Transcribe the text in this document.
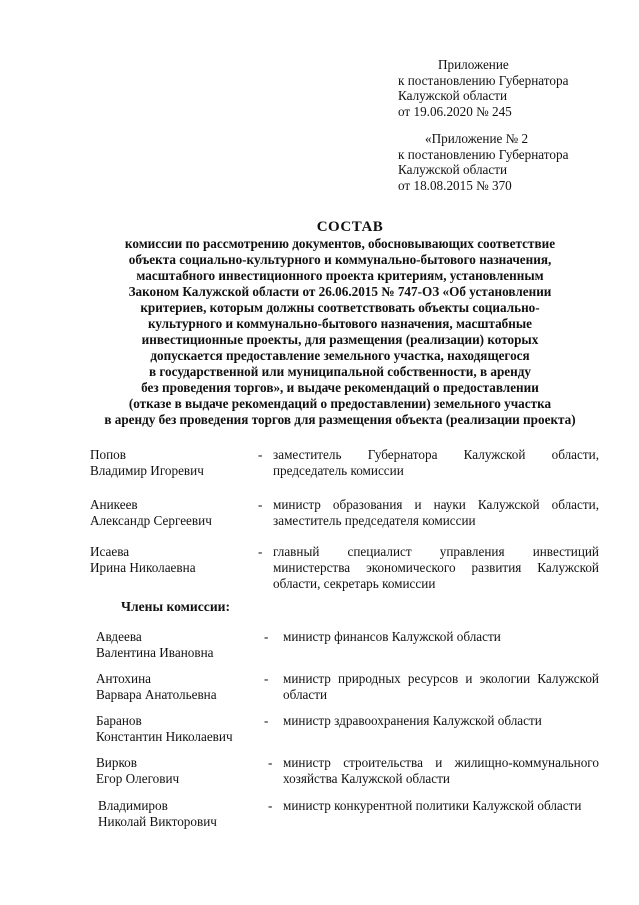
Приложение
к постановлению Губернатора
Калужской области
от 19.06.2020 № 245
«Приложение № 2
к постановлению Губернатора
Калужской области
от 18.08.2015 № 370
СОСТАВ
комиссии по рассмотрению документов, обосновывающих соответствие
объекта социально-культурного и коммунально-бытового назначения,
масштабного инвестиционного проекта критериям, установленным
Законом Калужской области от 26.06.2015 № 747-ОЗ «Об установлении
критериев, которым должны соответствовать объекты социально-
культурного и коммунально-бытового назначения, масштабные
инвестиционные проекты, для размещения (реализации) которых
допускается предоставление земельного участка, находящегося
в государственной или муниципальной собственности, в аренду
без проведения торгов», и выдаче рекомендаций о предоставлении
(отказе в выдаче рекомендаций о предоставлении) земельного участка
в аренду без проведения торгов для размещения объекта (реализации проекта)
Попов
Владимир Игоревич
- заместитель Губернатора Калужской области, председатель комиссии
Аникеев
Александр Сергеевич
- министр образования и науки Калужской области, заместитель председателя комиссии
Исаева
Ирина Николаевна
- главный специалист управления инвестиций министерства экономического развития Калужской области, секретарь комиссии
Члены комиссии:
Авдеева
Валентина Ивановна
-	министр финансов Калужской области
Антохина
Варвара Анатольевна
-	министр природных ресурсов и экологии Калужской области
Баранов
Константин Николаевич
-	министр здравоохранения Калужской области
Вирков
Егор Олегович
- министр строительства и жилищно-коммунального хозяйства Калужской области
Владимиров
Николай Викторович
- министр конкурентной политики Калужской области
